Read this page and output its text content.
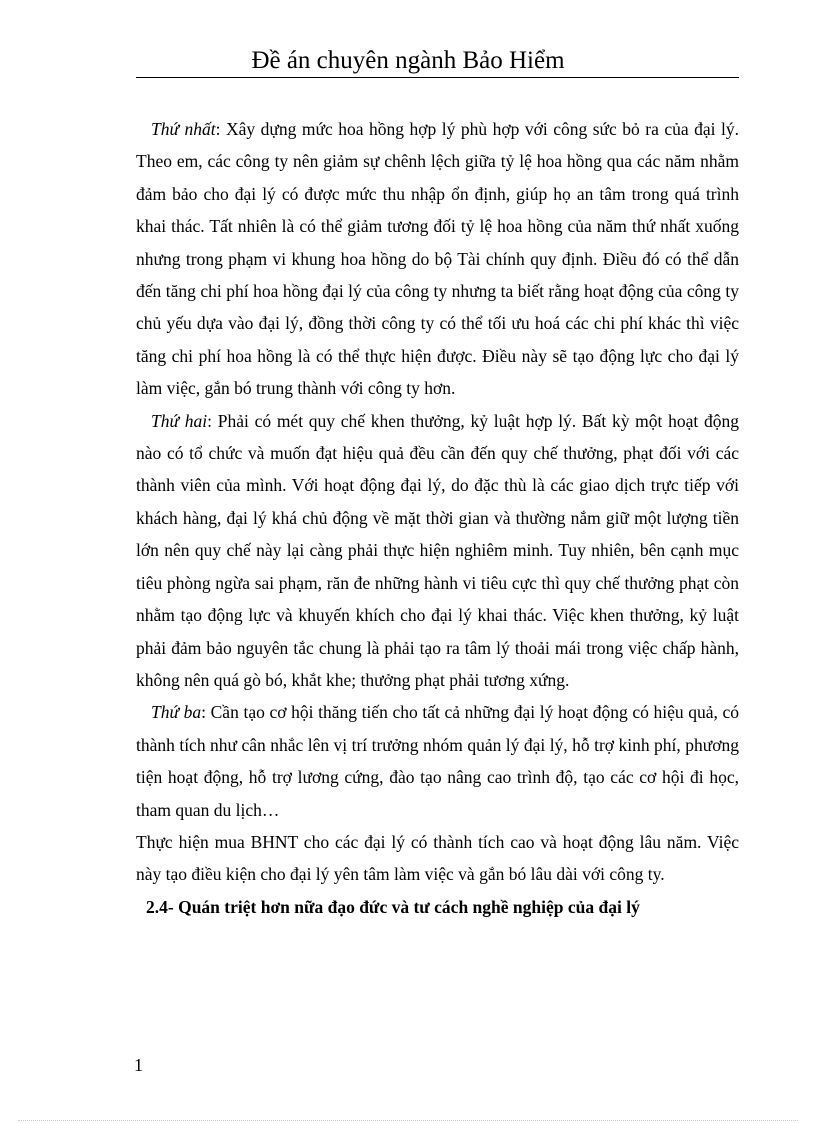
Đề án chuyên ngành Bảo Hiểm

Thứ nhất: Xây dựng mức hoa hồng hợp lý phù hợp với công sức bỏ ra của đại lý. Theo em, các công ty nên giảm sự chênh lệch giữa tỷ lệ hoa hồng qua các năm nhằm đảm bảo cho đại lý có được mức thu nhập ổn định, giúp họ an tâm trong quá trình khai thác. Tất nhiên là có thể giảm tương đối tỷ lệ hoa hồng của năm thứ nhất xuống nhưng trong phạm vi khung hoa hồng do bộ Tài chính quy định. Điều đó có thể dẫn đến tăng chi phí hoa hồng đại lý của công ty nhưng ta biết rằng hoạt động của công ty chủ yếu dựa vào đại lý, đồng thời công ty có thể tối ưu hoá các chi phí khác thì việc tăng chi phí hoa hồng là có thể thực hiện được. Điều này sẽ tạo động lực cho đại lý làm việc, gắn bó trung thành với công ty hơn.

Thứ hai: Phải có mét quy chế khen thưởng, kỷ luật hợp lý. Bất kỳ một hoạt động nào có tổ chức và muốn đạt hiệu quả đều cần đến quy chế thưởng, phạt đối với các thành viên của mình. Với hoạt động đại lý, do đặc thù là các giao dịch trực tiếp với khách hàng, đại lý khá chủ động về mặt thời gian và thường nắm giữ một lượng tiền lớn nên quy chế này lại càng phải thực hiện nghiêm minh. Tuy nhiên, bên cạnh mục tiêu phòng ngừa sai phạm, răn đe những hành vi tiêu cực thì quy chế thưởng phạt còn nhằm tạo động lực và khuyến khích cho đại lý khai thác. Việc khen thưởng, kỷ luật phải đảm bảo nguyên tắc chung là phải tạo ra tâm lý thoải mái trong việc chấp hành, không nên quá gò bó, khắt khe; thưởng phạt phải tương xứng.

Thứ ba: Cần tạo cơ hội thăng tiến cho tất cả những đại lý hoạt động có hiệu quả, có thành tích như cân nhắc lên vị trí trưởng nhóm quản lý đại lý, hỗ trợ kinh phí, phương tiện hoạt động, hỗ trợ lương cứng, đào tạo nâng cao trình độ, tạo các cơ hội đi học, tham quan du lịch…

Thực hiện mua BHNT cho các đại lý có thành tích cao và hoạt động lâu năm. Việc này tạo điều kiện cho đại lý yên tâm làm việc và gắn bó lâu dài với công ty.

2.4- Quán triệt hơn nữa đạo đức và tư cách nghề nghiệp của đại lý

1
